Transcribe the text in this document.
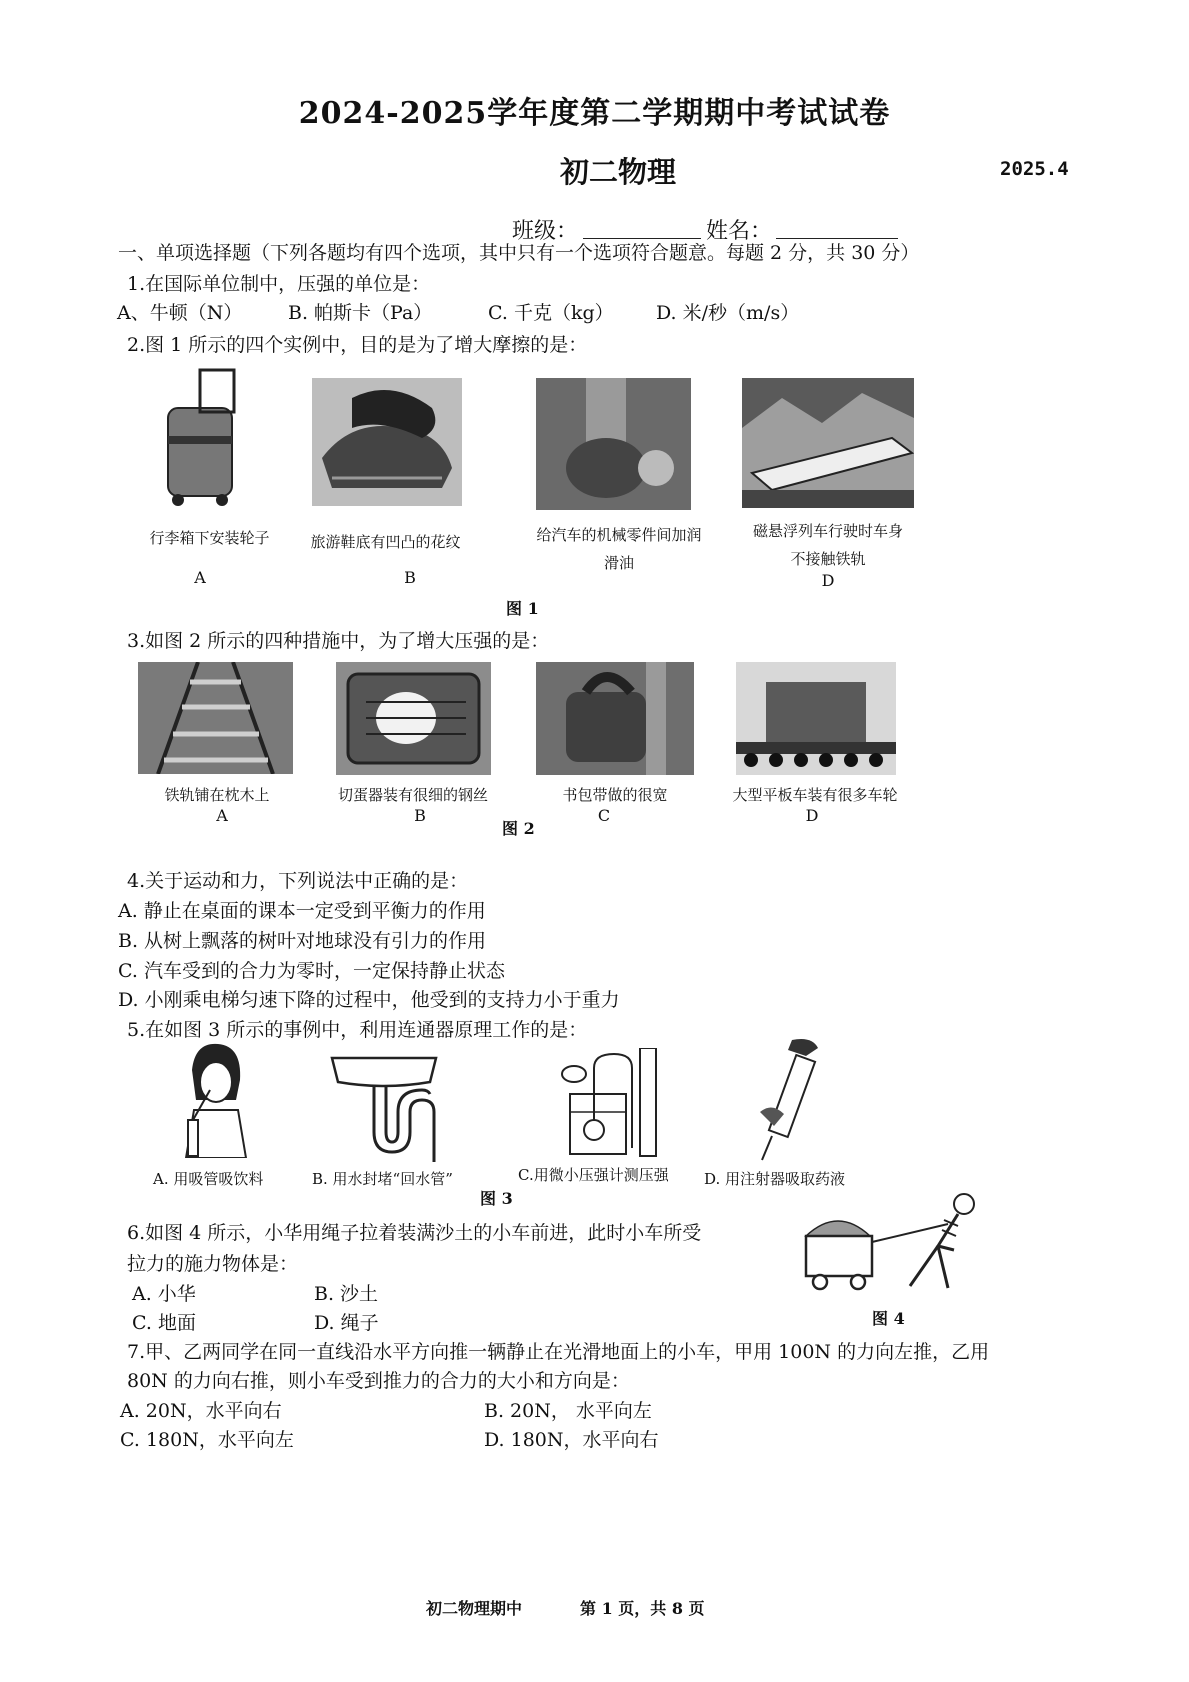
2024-2025学年度第二学期期中考试试卷
初二物理	2025.4
班级：	姓名：
一、单项选择题（下列各题均有四个选项，其中只有一个选项符合题意。每题 2 分，共 30 分）
1.在国际单位制中，压强的单位是：
A、牛顿（N） B. 帕斯卡（Pa）	C. 千克（kg） D. 米/秒（m/s）
2.图 1 所示的四个实例中，目的是为了增大摩擦的是：
行李箱下安装轮子	旅游鞋底有凹凸的花纹	给汽车的机械零件间加润
滑油
磁悬浮列车行驶时车身
不接触铁轨
A	B	D
图 1
3.如图 2 所示的四种措施中，为了增大压强的是：
铁轨铺在枕木上	切蛋器装有很细的钢丝	书包带做的很宽	大型平板车装有很多车轮
A	B	C	D
图 2
4.关于运动和力，下列说法中正确的是：
A. 静止在桌面的课本一定受到平衡力的作用
B. 从树上飘落的树叶对地球没有引力的作用
C. 汽车受到的合力为零时，一定保持静止状态
D. 小刚乘电梯匀速下降的过程中，他受到的支持力小于重力
5.在如图 3 所示的事例中，利用连通器原理工作的是：
A. 用吸管吸饮料	B. 用水封堵“回水管”	C.用微小压强计测压强 D. 用注射器吸取药液
图 3
6.如图 4 所示，小华用绳子拉着装满沙土的小车前进，此时小车所受
拉力的施力物体是：
A. 小华	B. 沙土
C. 地面	D. 绳子	图 4
7.甲、乙两同学在同一直线沿水平方向推一辆静止在光滑地面上的小车，甲用 100N 的力向左推，乙用
80N 的力向右推，则小车受到推力的合力的大小和方向是：
A. 20N，水平向右	B. 20N， 水平向左
C. 180N，水平向左	D. 180N，水平向右
初二物理期中	第 1 页，共 8 页
